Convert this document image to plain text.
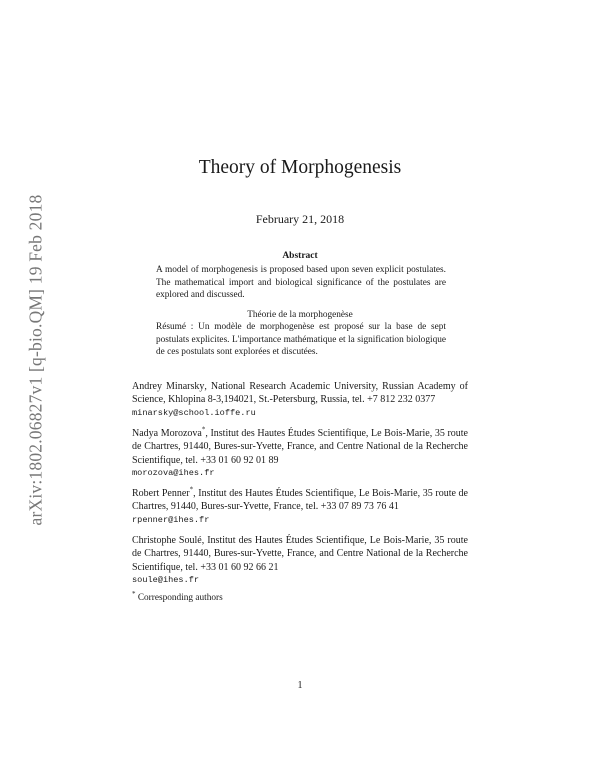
arXiv:1802.06827v1 [q-bio.QM] 19 Feb 2018
Theory of Morphogenesis

February 21, 2018

Abstract

A model of morphogenesis is proposed based upon seven explicit postulates. The mathematical import and biological significance of the postulates are explored and discussed.

Théorie de la morphogenèse

Résumé : Un modèle de morphogenèse est proposé sur la base de sept postulats explicites. L'importance mathématique et la signification biologique de ces postulats sont explorées et discutées.

Andrey Minarsky, National Research Academic University, Russian Academy of Science, Khlopina 8-3,194021, St.-Petersburg, Russia, tel. +7 812 232 0377
minarsky@school.ioffe.ru

Nadya Morozova*, Institut des Hautes Études Scientifique, Le Bois-Marie, 35 route de Chartres, 91440, Bures-sur-Yvette, France, and Centre National de la Recherche Scientifique, tel. +33 01 60 92 01 89
morozova@ihes.fr

Robert Penner*, Institut des Hautes Études Scientifique, Le Bois-Marie, 35 route de Chartres, 91440, Bures-sur-Yvette, France, tel. +33 07 89 73 76 41
rpenner@ihes.fr

Christophe Soulé, Institut des Hautes Études Scientifique, Le Bois-Marie, 35 route de Chartres, 91440, Bures-sur-Yvette, France, and Centre National de la Recherche Scientifique, tel. +33 01 60 92 66 21
soule@ihes.fr

* Corresponding authors

1
